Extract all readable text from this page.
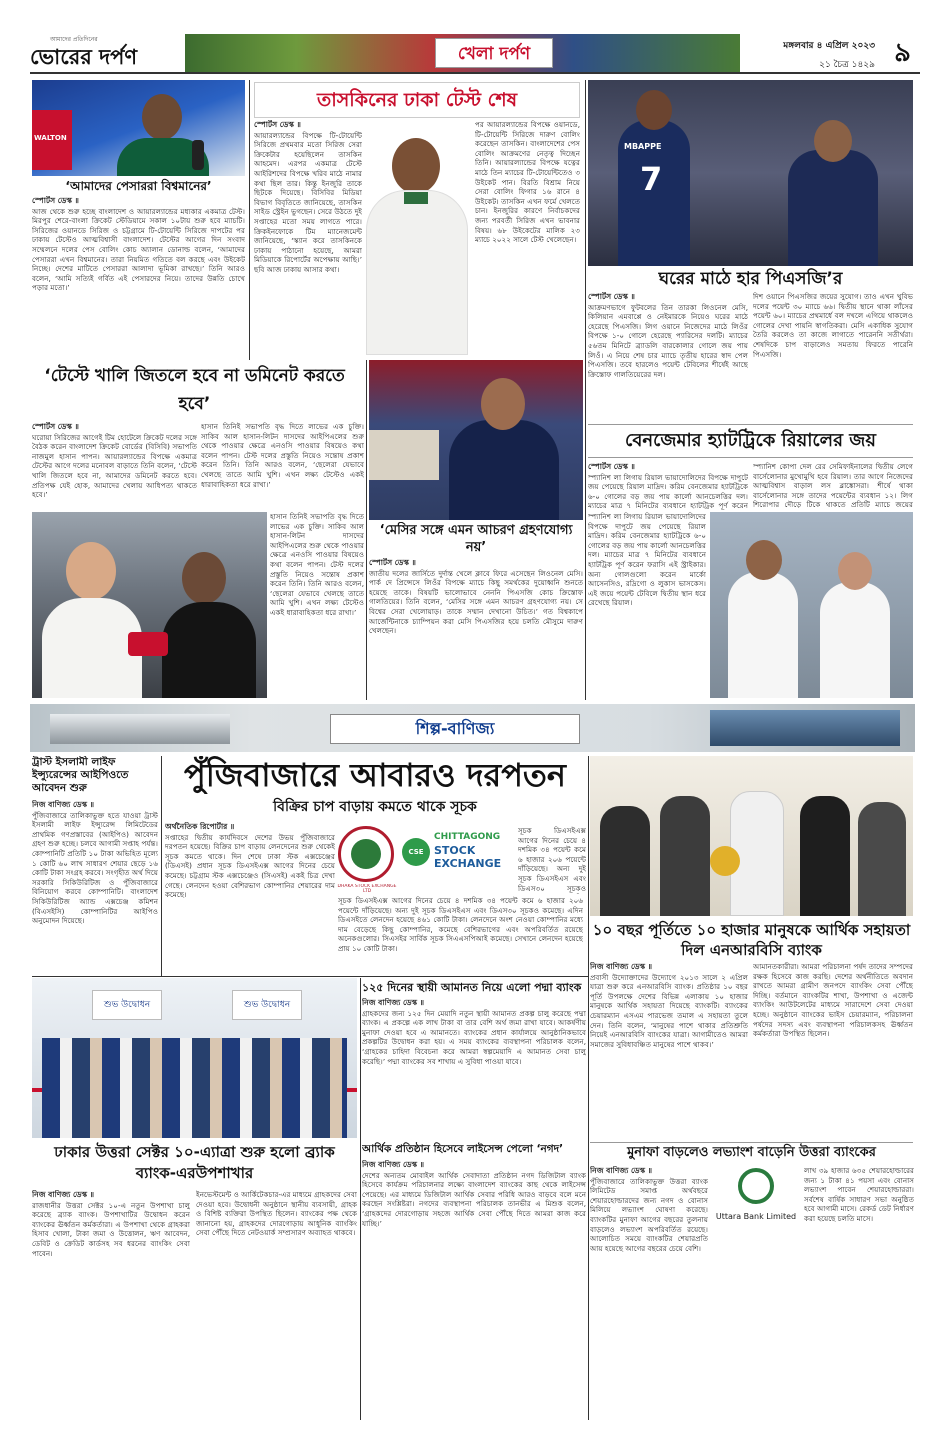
আমাদের প্রতিদিনের
ভোরের দর্পণ	খেলা দর্পণ	মঙ্গলবার ৪ এপ্রিল ২০২৩
২১ চৈত্র ১৪২৯ ৯
WALTON
‘আমাদের পেসাররা বিশ্বমানের’
স্পোর্টস ডেস্ক ॥
আজ থেকে শুরু হচ্ছে বাংলাদেশ ও আয়ারল্যান্ডের মধ্যকার একমাত্র টেস্ট। মিরপুর শেরে-বাংলা ক্রিকেট স্টেডিয়ামে সকাল ১০টায় শুরু হবে ম্যাচটি। সিরিজের ওয়ানডে সিরিজ ও চট্টগ্রামে টি-টোয়েন্টি সিরিজে দাপটের পর ঢাকায় টেস্টেও আত্মবিশ্বাসী বাংলাদেশ। টেস্টের আগের দিন সংবাদ সম্মেলনে দলের পেস বোলিং কোচ অ্যালান ডোনাল্ড বলেন, ‘আমাদের পেসাররা এখন বিশ্বমানের। তারা নিয়মিত গতিতে বল করছে এবং উইকেট নিচ্ছে। দেশের মাটিতে পেসাররা আলাদা ভূমিকা রাখছে।’ তিনি আরও বলেন, ‘আমি সত্যিই গর্বিত এই পেসারদের নিয়ে। তাদের উন্নতি চোখে পড়ার মতো।’
তাসকিনের ঢাকা টেস্ট শেষ
স্পোর্টস ডেস্ক ॥
আয়ারল্যান্ডের বিপক্ষে টি-টোয়েন্টি সিরিজে প্রথমবার মতো সিরিজ সেরা ক্রিকেটার হয়েছিলেন তাসকিন আহমেদ। এরপর একমাত্র টেস্টে আইরিশদের বিপক্ষে খরিব মাঠে নামার কথা ছিল তার। কিন্তু ইনজুরি তাকে ছিটকে দিয়েছে। বিসিবির মিডিয়া বিভাগ বিবৃতিতে জানিয়েছে, তাসকিন সাইড স্ট্রেইন ভুগছেন। সেরে উঠতে দুই সপ্তাহের মতো সময় লাগতে পারে। ক্রিকইনফোকে টিম ম্যানেজমেন্ট জানিয়েছে, ‘স্ক্যান করে তাসকিনকে ঢাকায় পাঠানো হয়েছে, আমরা মিডিয়াকে রিপোর্টের অপেক্ষায় আছি।’ ছবি আজ ঢাকায় আসার কথা।
পর আয়ারল্যান্ডের বিপক্ষে ওয়ানডে, টি-টোয়েন্টি সিরিজে দারুণ বোলিং করেছেন তাসকিন। বাংলাদেশের পেস বোলিং আক্রমণের নেতৃত্ব দিচ্ছেন তিনি। আয়ারল্যান্ডের বিপক্ষে যত্নের মাঠে তিন ম্যাচের টি-টোয়েন্টিতেও ৩ উইকেট পান। বিরতি বিশ্রাম নিয়ে সেরা বোলিং ফিগার ১৬ রানে ৪ উইকেট। তাসকিন এখন ফর্মে খেলতে চান। ইনজুরির কারণে নির্বাচকদের জন্য পরবর্তী সিরিজ এখন ভাবনার বিষয়। ৬৮ উইকেটের মালিক ২৩ ম্যাচে ২০২২ সালে টেস্ট খেলেছেন।
MBAPPE
7
ঘরের মাঠে হার পিএসজি’র
স্পোর্টস ডেস্ক ॥
আক্রমণভাগে ফুটবলের তিন তারকা লিওনেল মেসি, কিলিয়ান এমবাপ্পে ও নেইমারকে নিয়েও ঘরের মাঠে হেরেছে পিএসজি। লিগ ওয়ানে নিজেদের মাঠে লিওঁর বিপক্ষে ১-০ গোলে হেরেছে প্যারিসের দলটি। ম্যাচের ৫৬তম মিনিটে ব্র্যাডলি বারকোলার গোলে জয় পায় লিওঁ। এ নিয়ে শেষ চার ম্যাচে তৃতীয় হারের স্বাদ পেল পিএসজি। তবে হারলেও পয়েন্ট টেবিলের শীর্ষেই আছে ক্রিস্তোফ গালতিয়েরের দল।
দিশ ওয়ানে পিএসজির জয়ের সুযোগ। তাও এখন খুবিভ দলের পয়েন্ট ৩০ ম্যাচে ৬৬। দ্বিতীয় স্থানে থাকা লাঁসের পয়েন্ট ৬০। ম্যাচের প্রথমার্ধে বল দখলে এগিয়ে থাকলেও গোলের দেখা পায়নি স্বাগতিকরা। মেসি একাধিক সুযোগ তৈরি করলেও তা কাজে লাগাতে পারেননি সতীর্থরা। শেষদিকে চাপ বাড়ালেও সমতায় ফিরতে পারেনি পিএসজি।
‘টেস্টে খালি জিতলে হবে না ডমিনেট করতে হবে’
স্পোর্টস ডেস্ক ॥
ঘরোয়া সিরিজের আগেই টিম হোটেলে ক্রিকেট দলের সঙ্গে বৈঠক করেন বাংলাদেশ ক্রিকেট বোর্ডের (বিসিবি) সভাপতি নাজমুল হাসান পাপন। আয়ারল্যান্ডের বিপক্ষে একমাত্র টেস্টের আগে দলের মনোবল বাড়াতে তিনি বলেন, ‘টেস্টে খালি জিতলে হবে না, আমাদের ডমিনেট করতে হবে। প্রতিপক্ষ যেই হোক, আমাদের খেলায় আধিপত্য থাকতে হবে।’
হাসান তিনিই সভাপতি বৃদ্ধ দিতে লাভের এক চুক্তি। সাকিব আল হাসান-লিটন দাসদের আইপিএলের শুরু থেকে পাওয়ার ক্ষেত্রে এনওসি পাওয়ার বিষয়েও কথা বলেন পাপন। টেস্ট দলের প্রস্তুতি নিয়েও সন্তোষ প্রকাশ করেন তিনি। তিনি আরও বলেন, ‘ছেলেরা যেভাবে খেলছে তাতে আমি খুশি। এখন লক্ষ্য টেস্টেও একই ধারাবাহিকতা ধরে রাখা।’
হাসান তিনিই সভাপতি বৃদ্ধ দিতে লাভের এক চুক্তি। সাকিব আল হাসান-লিটন দাসদের আইপিএলের শুরু থেকে পাওয়ার ক্ষেত্রে এনওসি পাওয়ার বিষয়েও কথা বলেন পাপন। টেস্ট দলের প্রস্তুতি নিয়েও সন্তোষ প্রকাশ করেন তিনি। তিনি আরও বলেন, ‘ছেলেরা যেভাবে খেলছে তাতে আমি খুশি। এখন লক্ষ্য টেস্টেও একই ধারাবাহিকতা ধরে রাখা।’
‘মেসির সঙ্গে এমন আচরণ গ্রহণযোগ্য নয়’
স্পোর্টস ডেস্ক ॥
জাতীয় দলের জার্সিতে দুর্দান্ত খেলে ক্লাবে ফিরে এসেছেন লিওনেল মেসি। পার্ক দে প্রিন্সেসে লিওঁর বিপক্ষে ম্যাচে কিছু সমর্থকের দুয়োধ্বনি শুনতে হয়েছে তাকে। বিষয়টি ভালোভাবে নেননি পিএসজি কোচ ক্রিস্তোফ গালতিয়ের। তিনি বলেন, ‘মেসির সঙ্গে এমন আচরণ গ্রহণযোগ্য নয়। সে বিশ্বের সেরা খেলোয়াড়। তাকে সম্মান দেখানো উচিত।’ গত বিশ্বকাপে আর্জেন্টিনাকে চ্যাম্পিয়ন করা মেসি পিএসজির হয়ে চলতি মৌসুমে দারুণ খেলছেন।
বেনজেমার হ্যাটট্রিকে রিয়ালের জয়
স্পোর্টস ডেস্ক ॥
স্প্যানিশ লা লিগায় রিয়াল ভায়াদোলিদের বিপক্ষে দাপুটে জয় পেয়েছে রিয়াল মাদ্রিদ। করিম বেনজেমার হ্যাটট্রিকে ৬-০ গোলের বড় জয় পায় কার্লো আনচেলত্তির দল। ম্যাচের মাত্র ৭ মিনিটের ব্যবধানে হ্যাটট্রিক পূর্ণ করেন
স্প্যানিশ কোপা দেল রের সেমিফাইনালের দ্বিতীয় লেগে বার্সেলোনার মুখোমুখি হবে রিয়াল। তার আগে নিজেদের আত্মবিশ্বাস বাড়াল লস ব্লাঙ্কোসরা। শীর্ষে থাকা বার্সেলোনার সঙ্গে তাদের পয়েন্টের ব্যবধান ১২। লিগ শিরোপার দৌড়ে টিকে থাকতে প্রতিটি ম্যাচে জয়ের
স্প্যানিশ লা লিগায় রিয়াল ভায়াদোলিদের বিপক্ষে দাপুটে জয় পেয়েছে রিয়াল মাদ্রিদ। করিম বেনজেমার হ্যাটট্রিকে ৬-০ গোলের বড় জয় পায় কার্লো আনচেলত্তির দল। ম্যাচের মাত্র ৭ মিনিটের ব্যবধানে হ্যাটট্রিক পূর্ণ করেন ফরাসি এই স্ট্রাইকার। অন্য গোলগুলো করেন মার্কো আসেনসিও, রদ্রিগো ও লুকাস ভাসকেস। এই জয়ে পয়েন্ট টেবিলে দ্বিতীয় স্থান ধরে রেখেছে রিয়াল।
শিল্প-বাণিজ্য
ট্রাস্ট ইসলামী লাইফ ইন্স্যুরেন্সের আইপিওতে আবেদন শুরু
নিজ বাণিজ্য ডেস্ক ॥
পুঁজিবাজারে তালিকাভুক্ত হতে যাওয়া ট্রাস্ট ইসলামী লাইফ ইন্স্যুরেন্স লিমিটেডের প্রাথমিক গণপ্রস্তাবের (আইপিও) আবেদন গ্রহণ শুরু হচ্ছে। চলবে আগামী সপ্তাহ পর্যন্ত। কোম্পানিটি প্রতিটি ১০ টাকা অভিহিত মূল্যে ১ কোটি ৬০ লাখ সাধারণ শেয়ার ছেড়ে ১৬ কোটি টাকা সংগ্রহ করবে। সংগৃহীত অর্থ দিয়ে সরকারি সিকিউরিটিজ ও পুঁজিবাজারে বিনিয়োগ করবে কোম্পানিটি। বাংলাদেশ সিকিউরিটিজ অ্যান্ড এক্সচেঞ্জ কমিশন (বিএসইসি) কোম্পানিটির আইপিও অনুমোদন দিয়েছে।
পুঁজিবাজারে আবারও দরপতন
বিক্রির চাপ বাড়ায় কমতে থাকে সূচক
অর্থনৈতিক রিপোর্টার ॥
সপ্তাহের দ্বিতীয় কার্যদিবসে দেশের উভয় পুঁজিবাজারে দরপতন হয়েছে। বিক্রির চাপ বাড়ায় লেনদেনের শুরু থেকেই সূচক কমতে থাকে। দিন শেষে ঢাকা স্টক এক্সচেঞ্জের (ডিএসই) প্রধান সূচক ডিএসইএক্স আগের দিনের চেয়ে কমেছে। চট্টগ্রাম স্টক এক্সচেঞ্জেও (সিএসই) একই চিত্র দেখা গেছে। লেনদেন হওয়া বেশিরভাগ কোম্পানির শেয়ারের দাম কমেছে।
DHAKA STOCK EXCHANGE LTD
CSE
CHITTAGONG
STOCK
EXCHANGE
সূচক ডিএসইএক্স আগের দিনের চেয়ে ৪ দশমিক ৩৪ পয়েন্ট কমে ৬ হাজার ২০৬ পয়েন্টে দাঁড়িয়েছে। অন্য দুই সূচক ডিএসইএস এবং ডিএস৩০ সূচকও কমেছে। এদিন ডিএসইতে লেনদেন হয়েছে ৪৬১ কোটি টাকা। লেনদেনে অংশ নেওয়া কোম্পানির মধ্যে দাম বেড়েছে কিছু কোম্পানির, কমেছে বেশিরভাগের এবং অপরিবর্তিত রয়েছে অনেকগুলোর। সিএসইর সার্বিক সূচক সিএএসপিআই কমেছে। সেখানে লেনদেন হয়েছে প্রায় ১০ কোটি টাকা।
সূচক ডিএসইএক্স আগের দিনের চেয়ে ৪ দশমিক ৩৪ পয়েন্ট কমে ৬ হাজার ২০৬ পয়েন্টে দাঁড়িয়েছে। অন্য দুই সূচক ডিএসইএস এবং ডিএস৩০ সূচকও
১০ বছর পূর্তিতে ১০ হাজার মানুষকে আর্থিক সহায়তা দিল এনআরবিসি ব্যাংক
শুভ উদ্বোধন	শুভ উদ্বোধন
১২৫ দিনের স্থায়ী আমানত নিয়ে এলো পদ্মা ব্যাংক
নিজ বাণিজ্য ডেস্ক ॥
গ্রাহকদের জন্য ১২৫ দিন মেয়াদি নতুন স্থায়ী আমানত প্রকল্প চালু করেছে পদ্মা ব্যাংক। এ প্রকল্পে এক লাখ টাকা বা তার বেশি অর্থ জমা রাখা যাবে। আকর্ষণীয় মুনাফা দেওয়া হবে এ আমানতে। ব্যাংকের প্রধান কার্যালয়ে আনুষ্ঠানিকভাবে প্রকল্পটির উদ্বোধন করা হয়। এ সময় ব্যাংকের ব্যবস্থাপনা পরিচালক বলেন, ‘গ্রাহকের চাহিদা বিবেচনা করে আমরা স্বল্পমেয়াদি এ আমানত সেবা চালু করেছি।’ পদ্মা ব্যাংকের সব শাখায় এ সুবিধা পাওয়া যাবে।
নিজ বাণিজ্য ডেস্ক ॥
প্রবাসী উদ্যোক্তাদের উদ্যোগে ২০১৩ সালে ২ এপ্রিল যাত্রা শুরু করে এনআরবিসি ব্যাংক। প্রতিষ্ঠার ১০ বছর পূর্তি উপলক্ষে দেশের বিভিন্ন এলাকায় ১০ হাজার মানুষকে আর্থিক সহায়তা দিয়েছে ব্যাংকটি। ব্যাংকের চেয়ারম্যান এসএম পারভেজ তমাল এ সহায়তা তুলে দেন। তিনি বলেন, ‘মানুষের পাশে থাকার প্রতিশ্রুতি নিয়েই এনআরবিসি ব্যাংকের যাত্রা। আগামীতেও আমরা সমাজের সুবিধাবঞ্চিত মানুষের পাশে থাকব।’
আমানতকারীরা। আমরা পরিচালনা পর্ষদ তাদের সম্পদের রক্ষক হিসেবে কাজ করছি। দেশের অর্থনীতিতে অবদান রাখতে আমরা গ্রামীণ জনপদে ব্যাংকিং সেবা পৌঁছে দিচ্ছি। বর্তমানে ব্যাংকটির শাখা, উপশাখা ও এজেন্ট ব্যাংকিং আউটলেটের মাধ্যমে সারাদেশে সেবা দেওয়া হচ্ছে। অনুষ্ঠানে ব্যাংকের ভাইস চেয়ারম্যান, পরিচালনা পর্ষদের সদস্য এবং ব্যবস্থাপনা পরিচালকসহ ঊর্ধ্বতন কর্মকর্তারা উপস্থিত ছিলেন।
ঢাকার উত্তরা সেক্টর ১০-এ্যাত্রা শুরু হলো ব্র্যাক ব্যাংক-এরউপশাখার
নিজ বাণিজ্য ডেস্ক ॥
রাজধানীর উত্তরা সেক্টর ১০-এ নতুন উপশাখা চালু করেছে ব্র্যাক ব্যাংক। উপশাখাটির উদ্বোধন করেন ব্যাংকের ঊর্ধ্বতন কর্মকর্তারা। এ উপশাখা থেকে গ্রাহকরা হিসাব খোলা, টাকা জমা ও উত্তোলন, ঋণ আবেদন, ডেবিট ও ক্রেডিট কার্ডসহ সব ধরনের ব্যাংকিং সেবা পাবেন।
ইনভেস্টমেন্ট ও আর্কিটেকচার-এর মাধ্যমে গ্রাহকদের সেবা দেওয়া হবে। উদ্বোধনী অনুষ্ঠানে স্থানীয় ব্যবসায়ী, গ্রাহক ও বিশিষ্ট ব্যক্তিরা উপস্থিত ছিলেন। ব্যাংকের পক্ষ থেকে জানানো হয়, গ্রাহকদের দোরগোড়ায় আধুনিক ব্যাংকিং সেবা পৌঁছে দিতে নেটওয়ার্ক সম্প্রসারণ অব্যাহত থাকবে।
আর্থিক প্রতিষ্ঠান হিসেবে লাইসেন্স পেলো ‘নগদ’
নিজ বাণিজ্য ডেস্ক ॥
দেশের অন্যতম মোবাইল আর্থিক সেবাদাতা প্রতিষ্ঠান নগদ ডিজিটাল ব্যাংক হিসেবে কার্যক্রম পরিচালনার লক্ষ্যে বাংলাদেশ ব্যাংকের কাছ থেকে লাইসেন্স পেয়েছে। এর মাধ্যমে ডিজিটাল আর্থিক সেবার পরিধি আরও বাড়বে বলে মনে করছেন সংশ্লিষ্টরা। নগদের ব্যবস্থাপনা পরিচালক তানভীর এ মিশুক বলেন, ‘গ্রাহকদের দোরগোড়ায় সহজে আর্থিক সেবা পৌঁছে দিতে আমরা কাজ করে যাচ্ছি।’
মুনাফা বাড়লেও লভ্যাংশ বাড়েনি উত্তরা ব্যাংকের
নিজ বাণিজ্য ডেস্ক ॥
পুঁজিবাজারে তালিকাভুক্ত উত্তরা ব্যাংক লিমিটেড সমাপ্ত অর্থবছরে শেয়ারহোল্ডারদের জন্য নগদ ও বোনাস মিলিয়ে লভ্যাংশ ঘোষণা করেছে। ব্যাংকটির মুনাফা আগের বছরের তুলনায় বাড়লেও লভ্যাংশ অপরিবর্তিত রয়েছে। আলোচিত সময়ে ব্যাংকটির শেয়ারপ্রতি আয় হয়েছে আগের বছরের চেয়ে বেশি।
লাখ ৩৯ হাজার ৬৩৫ শেয়ারহোল্ডারের জন্য ১ টাকা ৪১ পয়সা এবং বোনাস লভ্যাংশ পাবেন শেয়ারহোল্ডাররা। সর্বশেষ বার্ষিক সাধারণ সভা অনুষ্ঠিত হবে আগামী মাসে। রেকর্ড ডেট নির্ধারণ করা হয়েছে চলতি মাসে।
Uttara Bank Limited
